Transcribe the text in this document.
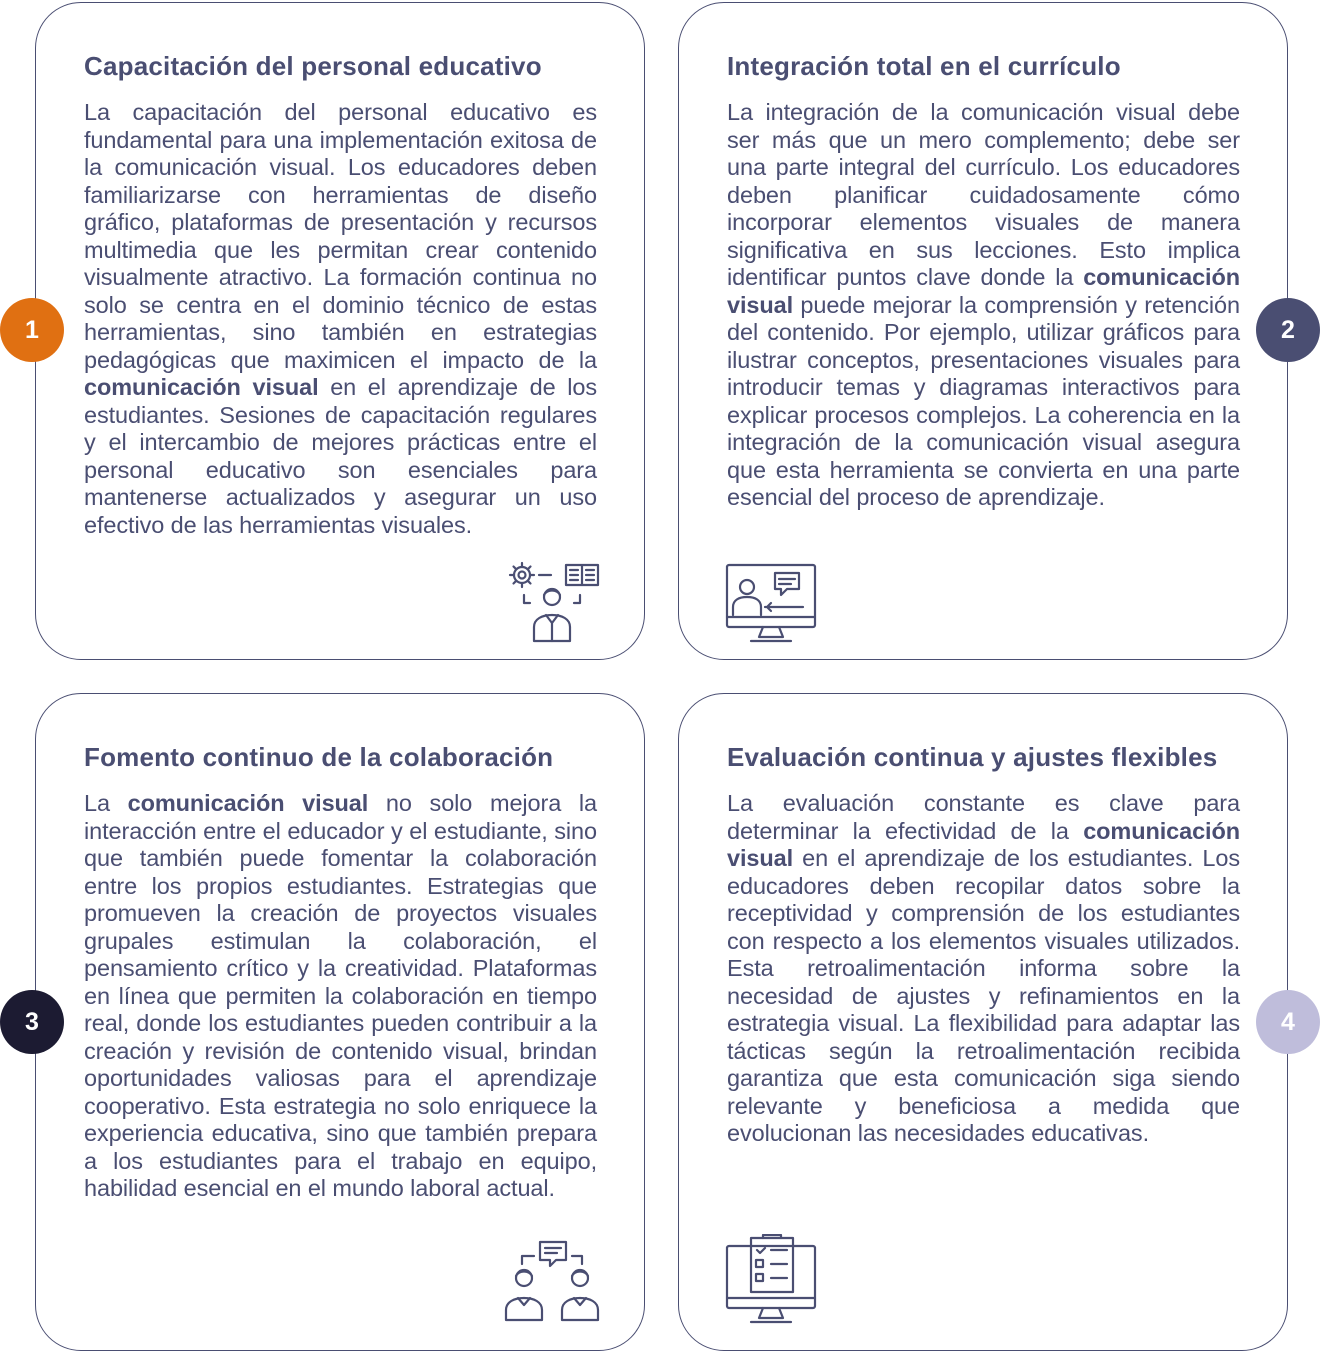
Capacitación del personal educativo

La capacitación del personal educativo es fundamental para una implementación exitosa de la comunicación visual. Los educadores deben familiarizarse con herramientas de diseño gráfico, plataformas de presentación y recursos multimedia que les permitan crear contenido visualmente atractivo. La formación continua no solo se centra en el dominio técnico de estas herramientas, sino también en estrategias pedagógicas que maximicen el impacto de la comunicación visual en el aprendizaje de los estudiantes. Sesiones de capacitación regulares y el intercambio de mejores prácticas entre el personal educativo son esenciales para mantenerse actualizados y asegurar un uso efectivo de las herramientas visuales.

1
Integración total en el currículo

La integración de la comunicación visual debe ser más que un mero complemento; debe ser una parte integral del currículo. Los educadores deben planificar cuidadosamente cómo incorporar elementos visuales de manera significativa en sus lecciones. Esto implica identificar puntos clave donde la comunicación visual puede mejorar la comprensión y retención del contenido. Por ejemplo, utilizar gráficos para ilustrar conceptos, presentaciones visuales para introducir temas y diagramas interactivos para explicar procesos complejos. La coherencia en la integración de la comunicación visual asegura que esta herramienta se convierta en una parte esencial del proceso de aprendizaje.

2
Fomento continuo de la colaboración

La comunicación visual no solo mejora la interacción entre el educador y el estudiante, sino que también puede fomentar la colaboración entre los propios estudiantes. Estrategias que promueven la creación de proyectos visuales grupales estimulan la colaboración, el pensamiento crítico y la creatividad. Plataformas en línea que permiten la colaboración en tiempo real, donde los estudiantes pueden contribuir a la creación y revisión de contenido visual, brindan oportunidades valiosas para el aprendizaje cooperativo. Esta estrategia no solo enriquece la experiencia educativa, sino que también prepara a los estudiantes para el trabajo en equipo, habilidad esencial en el mundo laboral actual.

3
Evaluación continua y ajustes flexibles

La evaluación constante es clave para determinar la efectividad de la comunicación visual en el aprendizaje de los estudiantes. Los educadores deben recopilar datos sobre la receptividad y comprensión de los estudiantes con respecto a los elementos visuales utilizados. Esta retroalimentación informa sobre la necesidad de ajustes y refinamientos en la estrategia visual. La flexibilidad para adaptar las tácticas según la retroalimentación recibida garantiza que esta comunicación siga siendo relevante y beneficiosa a medida que evolucionan las necesidades educativas.

4
